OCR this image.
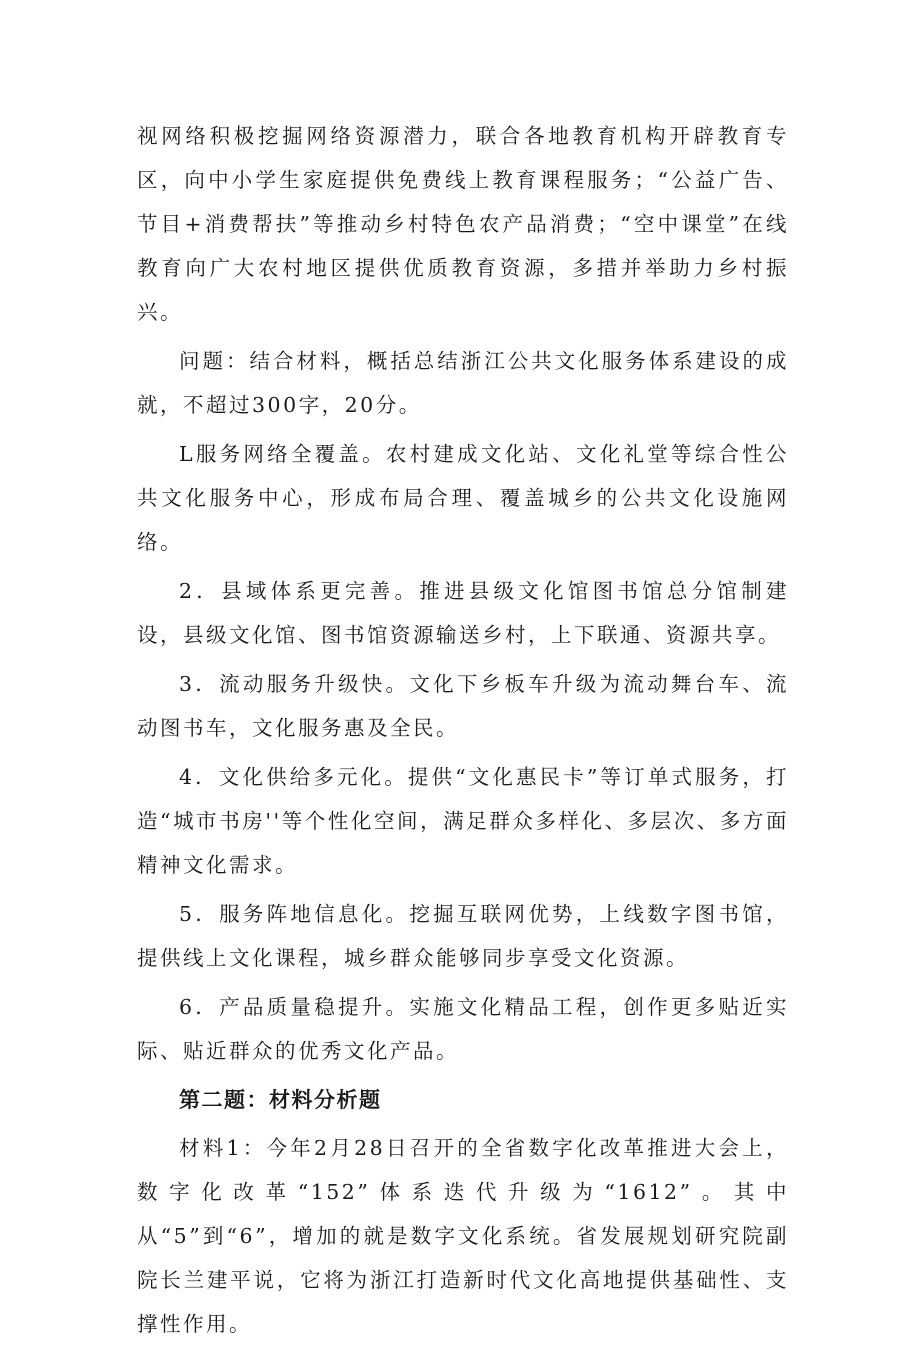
视网络积极挖掘网络资源潜力，联合各地教育机构开辟教育专区，向中小学生家庭提供免费线上教育课程服务；“公益广告、节目+消费帮扶”等推动乡村特色农产品消费；“空中课堂”在线教育向广大农村地区提供优质教育资源，多措并举助力乡村振兴。

问题：结合材料，概括总结浙江公共文化服务体系建设的成就，不超过300字，20分。

L服务网络全覆盖。农村建成文化站、文化礼堂等综合性公共文化服务中心，形成布局合理、覆盖城乡的公共文化设施网络。

2．县域体系更完善。推进县级文化馆图书馆总分馆制建设，县级文化馆、图书馆资源输送乡村，上下联通、资源共享。

3．流动服务升级快。文化下乡板车升级为流动舞台车、流动图书车，文化服务惠及全民。

4．文化供给多元化。提供“文化惠民卡”等订单式服务，打造“城市书房''等个性化空间，满足群众多样化、多层次、多方面精神文化需求。

5．服务阵地信息化。挖掘互联网优势，上线数字图书馆，提供线上文化课程，城乡群众能够同步享受文化资源。

6．产品质量稳提升。实施文化精品工程，创作更多贴近实际、贴近群众的优秀文化产品。

第二题：材料分析题

材料1：今年2月28日召开的全省数字化改革推进大会上，数字化改革“152”体系迭代升级为“1612”。其中从“5”到“6”，增加的就是数字文化系统。省发展规划研究院副院长兰建平说，它将为浙江打造新时代文化高地提供基础性、支撑性作用。
